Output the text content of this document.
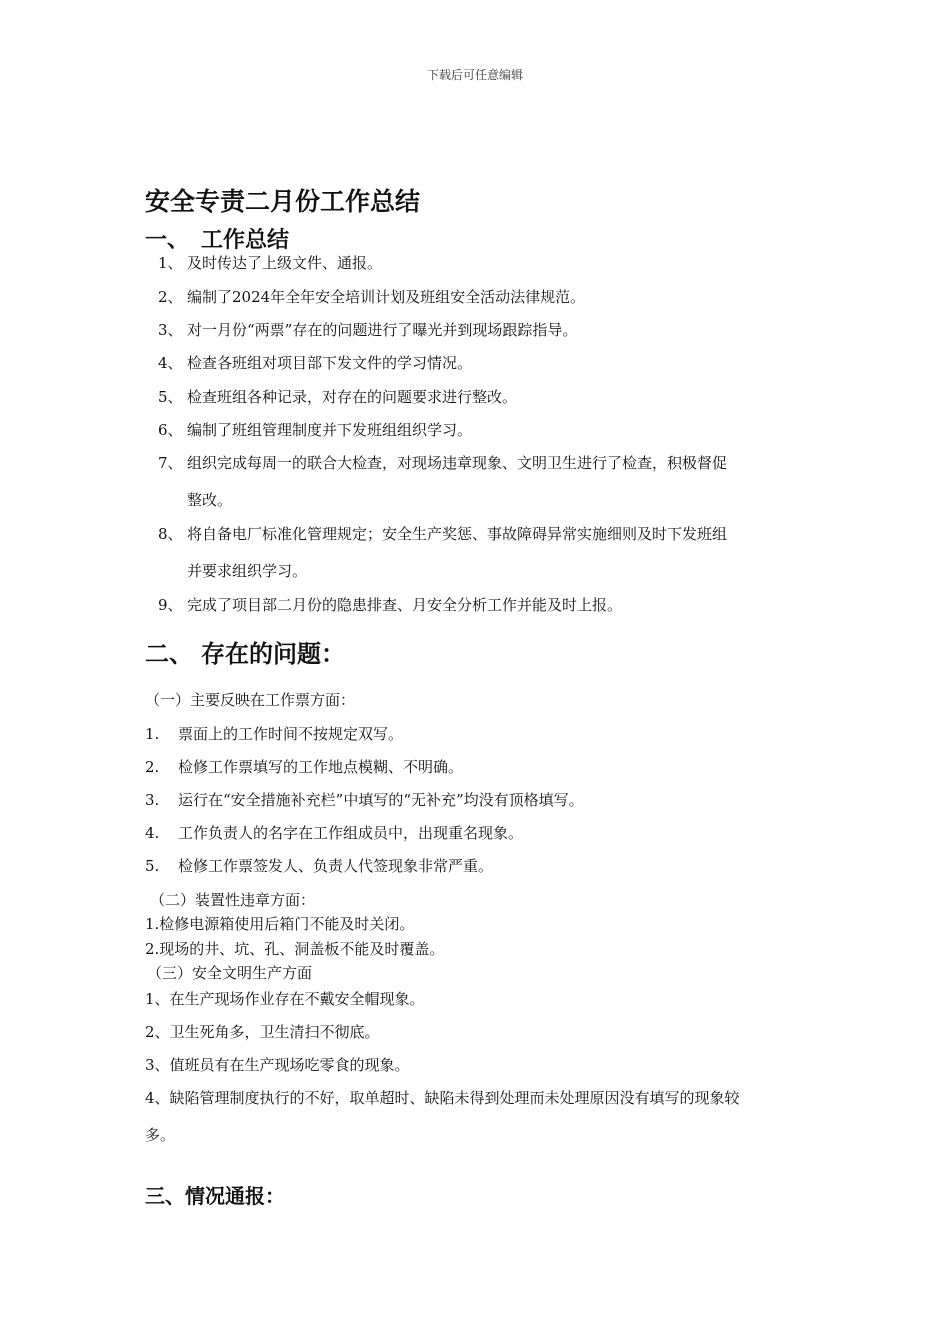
下载后可任意编辑
安全专责二月份工作总结
一、 工作总结

1、 及时传达了上级文件、通报。

2、 编制了2024年全年安全培训计划及班组安全活动法律规范。

3、 对一月份“两票”存在的问题进行了曝光并到现场跟踪指导。

4、 检查各班组对项目部下发文件的学习情况。

5、 检查班组各种记录，对存在的问题要求进行整改。

6、 编制了班组管理制度并下发班组组织学习。

7、 组织完成每周一的联合大检查，对现场违章现象、文明卫生进行了检查，积极督促

整改。

8、 将自备电厂标准化管理规定；安全生产奖惩、事故障碍异常实施细则及时下发班组

并要求组织学习。

9、 完成了项目部二月份的隐患排查、月安全分析工作并能及时上报。

二、 存在的问题：

（一）主要反映在工作票方面：

1. 票面上的工作时间不按规定双写。

2. 检修工作票填写的工作地点模糊、不明确。

3. 运行在“安全措施补充栏”中填写的“无补充”均没有顶格填写。

4. 工作负责人的名字在工作组成员中，出现重名现象。

5. 检修工作票签发人、负责人代签现象非常严重。

（二）装置性违章方面：

1.检修电源箱使用后箱门不能及时关闭。

2.现场的井、坑、孔、洞盖板不能及时覆盖。

（三）安全文明生产方面

1、在生产现场作业存在不戴安全帽现象。

2、卫生死角多，卫生清扫不彻底。

3、值班员有在生产现场吃零食的现象。

4、缺陷管理制度执行的不好，取单超时、缺陷未得到处理而未处理原因没有填写的现象较

多。

三、情况通报：
